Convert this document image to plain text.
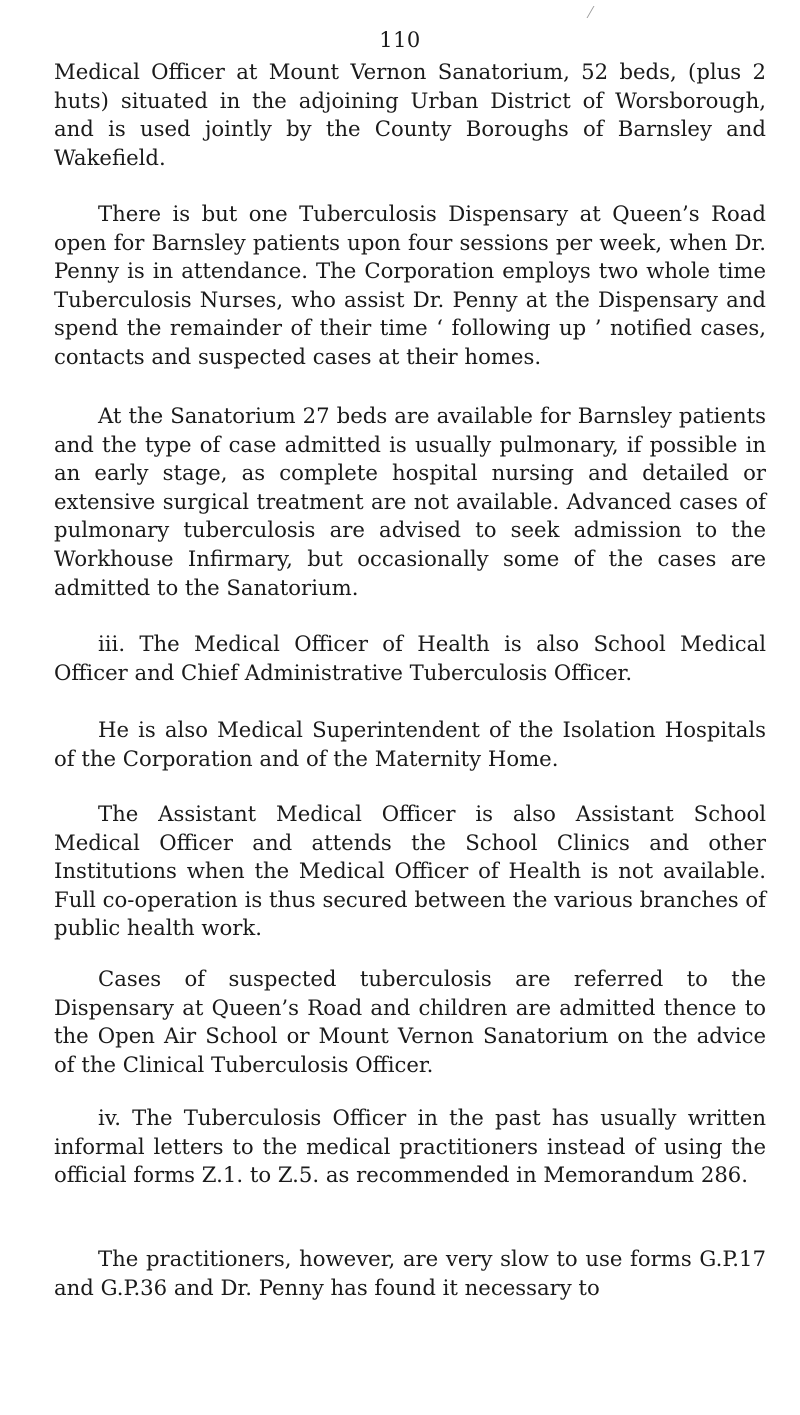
110

Medical Officer at Mount Vernon Sanatorium, 52 beds, (plus 2 huts) situated in the adjoining Urban District of Worsborough, and is used jointly by the County Boroughs of Barnsley and Wakefield.

There is but one Tuberculosis Dispensary at Queen’s Road open for Barnsley patients upon four sessions per week, when Dr. Penny is in attendance. The Corporation employs two whole time Tuberculosis Nurses, who assist Dr. Penny at the Dispensary and spend the remainder of their time ‘ following up ’ notified cases, contacts and suspected cases at their homes.

At the Sanatorium 27 beds are available for Barnsley patients and the type of case admitted is usually pulmonary, if possible in an early stage, as complete hospital nursing and detailed or extensive surgical treatment are not available. Advanced cases of pulmonary tuberculosis are advised to seek admission to the Workhouse Infirmary, but occasionally some of the cases are admitted to the Sanatorium.

iii. The Medical Officer of Health is also School Medical Officer and Chief Administrative Tuberculosis Officer.

He is also Medical Superintendent of the Isolation Hospitals of the Corporation and of the Maternity Home.

The Assistant Medical Officer is also Assistant School Medical Officer and attends the School Clinics and other Institutions when the Medical Officer of Health is not available. Full co-operation is thus secured between the various branches of public health work.

Cases of suspected tuberculosis are referred to the Dispensary at Queen’s Road and children are admitted thence to the Open Air School or Mount Vernon Sanatorium on the advice of the Clinical Tuberculosis Officer.

iv. The Tuberculosis Officer in the past has usually written informal letters to the medical practitioners instead of using the official forms Z.1. to Z.5. as recommended in Memorandum 286.

The practitioners, however, are very slow to use forms G.P.17 and G.P.36 and Dr. Penny has found it necessary to
